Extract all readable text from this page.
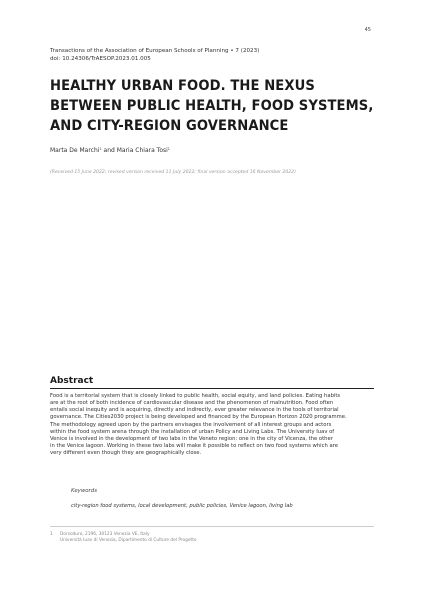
45
Transactions of the Association of European Schools of Planning • 7 (2023)
doi: 10.24306/TrAESOP.2023.01.005
HEALTHY URBAN FOOD. THE NEXUS BETWEEN PUBLIC HEALTH, FOOD SYSTEMS, AND CITY-REGION GOVERNANCE
Marta De Marchi$^1$ and Maria Chiara Tosi$^1$
(Received 15 June 2022; revised version received 11 July 2022; final version accepted 16 November 2022)
Abstract
Food is a territorial system that is closely linked to public health, social equity, and land policies. Eating habits
are at the root of both incidence of cardiovascular disease and the phenomenon of malnutrition. Food often
entails social inequity and is acquiring, directly and indirectly, ever greater relevance in the tools of territorial
governance. The Cities2030 project is being developed and financed by the European Horizon 2020 programme.
The methodology agreed upon by the partners envisages the involvement of all interest groups and actors
within the food system arena through the installation of urban Policy and Living Labs. The University Iuav of
Venice is involved in the development of two labs in the Veneto region: one in the city of Vicenza, the other
in the Venice lagoon. Working in these two labs will make it possible to reflect on two food systems which are
very different even though they are geographically close.
Keywords
city-region food systems, local development, public policies, Venice lagoon, living lab
1 Dorsoduro, 2196, 30123 Venezia VE, Italy
Università Iuav di Venezia, Dipartimento di Culture del Progetto
